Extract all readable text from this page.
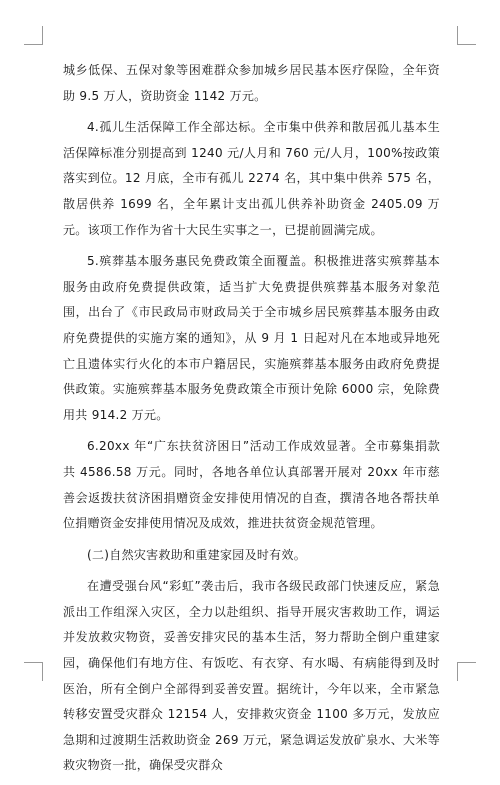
城乡低保、五保对象等困难群众参加城乡居民基本医疗保险，全年资助 9.5 万人，资助资金 1142 万元。

4.孤儿生活保障工作全部达标。全市集中供养和散居孤儿基本生活保障标准分别提高到 1240 元/人月和 760 元/人月，100%按政策落实到位。12 月底，全市有孤儿 2274 名，其中集中供养 575 名，散居供养 1699 名，全年累计支出孤儿供养补助资金 2405.09 万元。该项工作作为省十大民生实事之一，已提前圆满完成。

5.殡葬基本服务惠民免费政策全面覆盖。积极推进落实殡葬基本服务由政府免费提供政策，适当扩大免费提供殡葬基本服务对象范围，出台了《市民政局市财政局关于全市城乡居民殡葬基本服务由政府免费提供的实施方案的通知》，从 9 月 1 日起对凡在本地或异地死亡且遗体实行火化的本市户籍居民，实施殡葬基本服务由政府免费提供政策。实施殡葬基本服务免费政策全市预计免除 6000 宗，免除费用共 914.2 万元。

6.20xx 年“广东扶贫济困日”活动工作成效显著。全市募集捐款共 4586.58 万元。同时，各地各单位认真部署开展对 20xx 年市慈善会返拨扶贫济困捐赠资金安排使用情况的自查，撰清各地各帮扶单位捐赠资金安排使用情况及成效，推进扶贫资金规范管理。

(二)自然灾害救助和重建家园及时有效。

在遭受强台风“彩虹”袭击后，我市各级民政部门快速反应，紧急派出工作组深入灾区，全力以赴组织、指导开展灾害救助工作，调运并发放救灾物资，妥善安排灾民的基本生活，努力帮助全倒户重建家园，确保他们有地方住、有饭吃、有衣穿、有水喝、有病能得到及时医治，所有全倒户全部得到妥善安置。据统计，今年以来，全市紧急转移安置受灾群众 12154 人，安排救灾资金 1100 多万元，发放应急期和过渡期生活救助资金 269 万元，紧急调运发放矿泉水、大米等救灾物资一批，确保受灾群众
